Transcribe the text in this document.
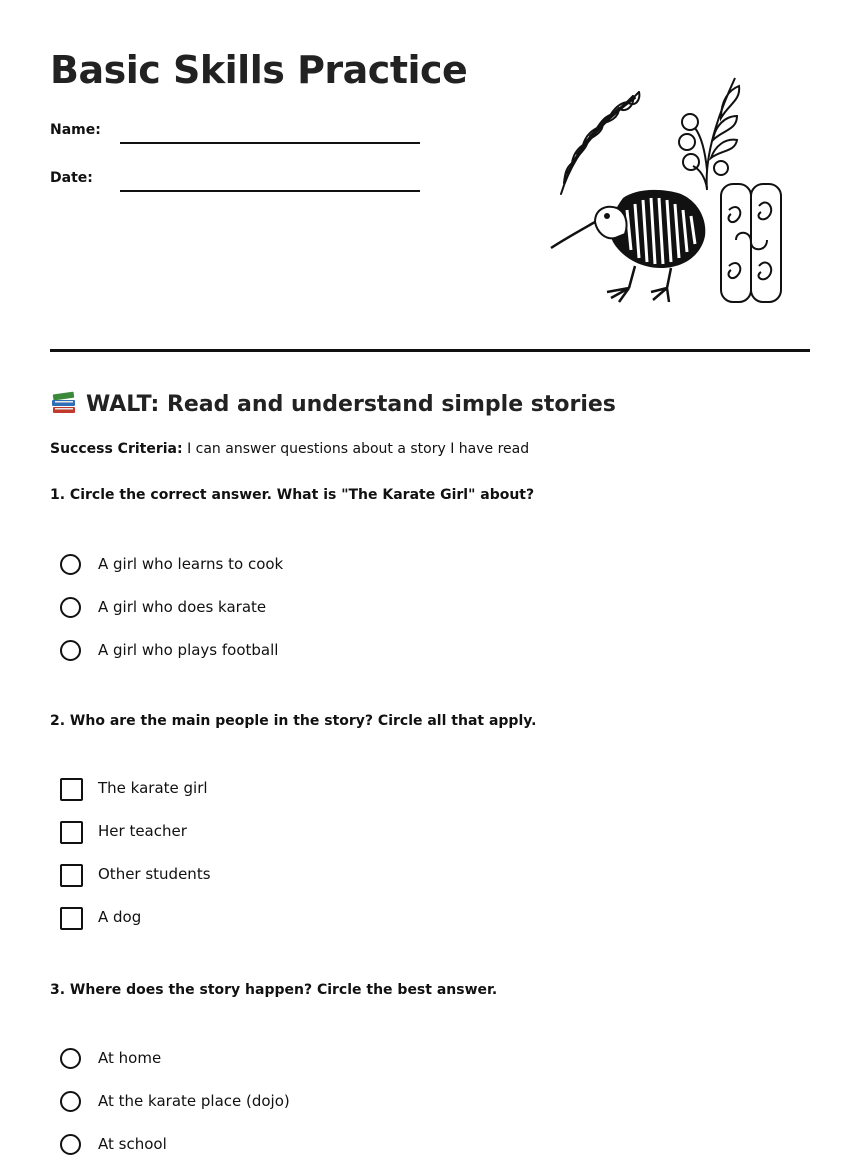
Basic Skills Practice
Name:
Date:
WALT: Read and understand simple stories
Success Criteria: I can answer questions about a story I have read
1. Circle the correct answer. What is "The Karate Girl" about?
A girl who learns to cook
A girl who does karate
A girl who plays football
2. Who are the main people in the story? Circle all that apply.
The karate girl
Her teacher
Other students
A dog
3. Where does the story happen? Circle the best answer.
At home
At the karate place (dojo)
At school
